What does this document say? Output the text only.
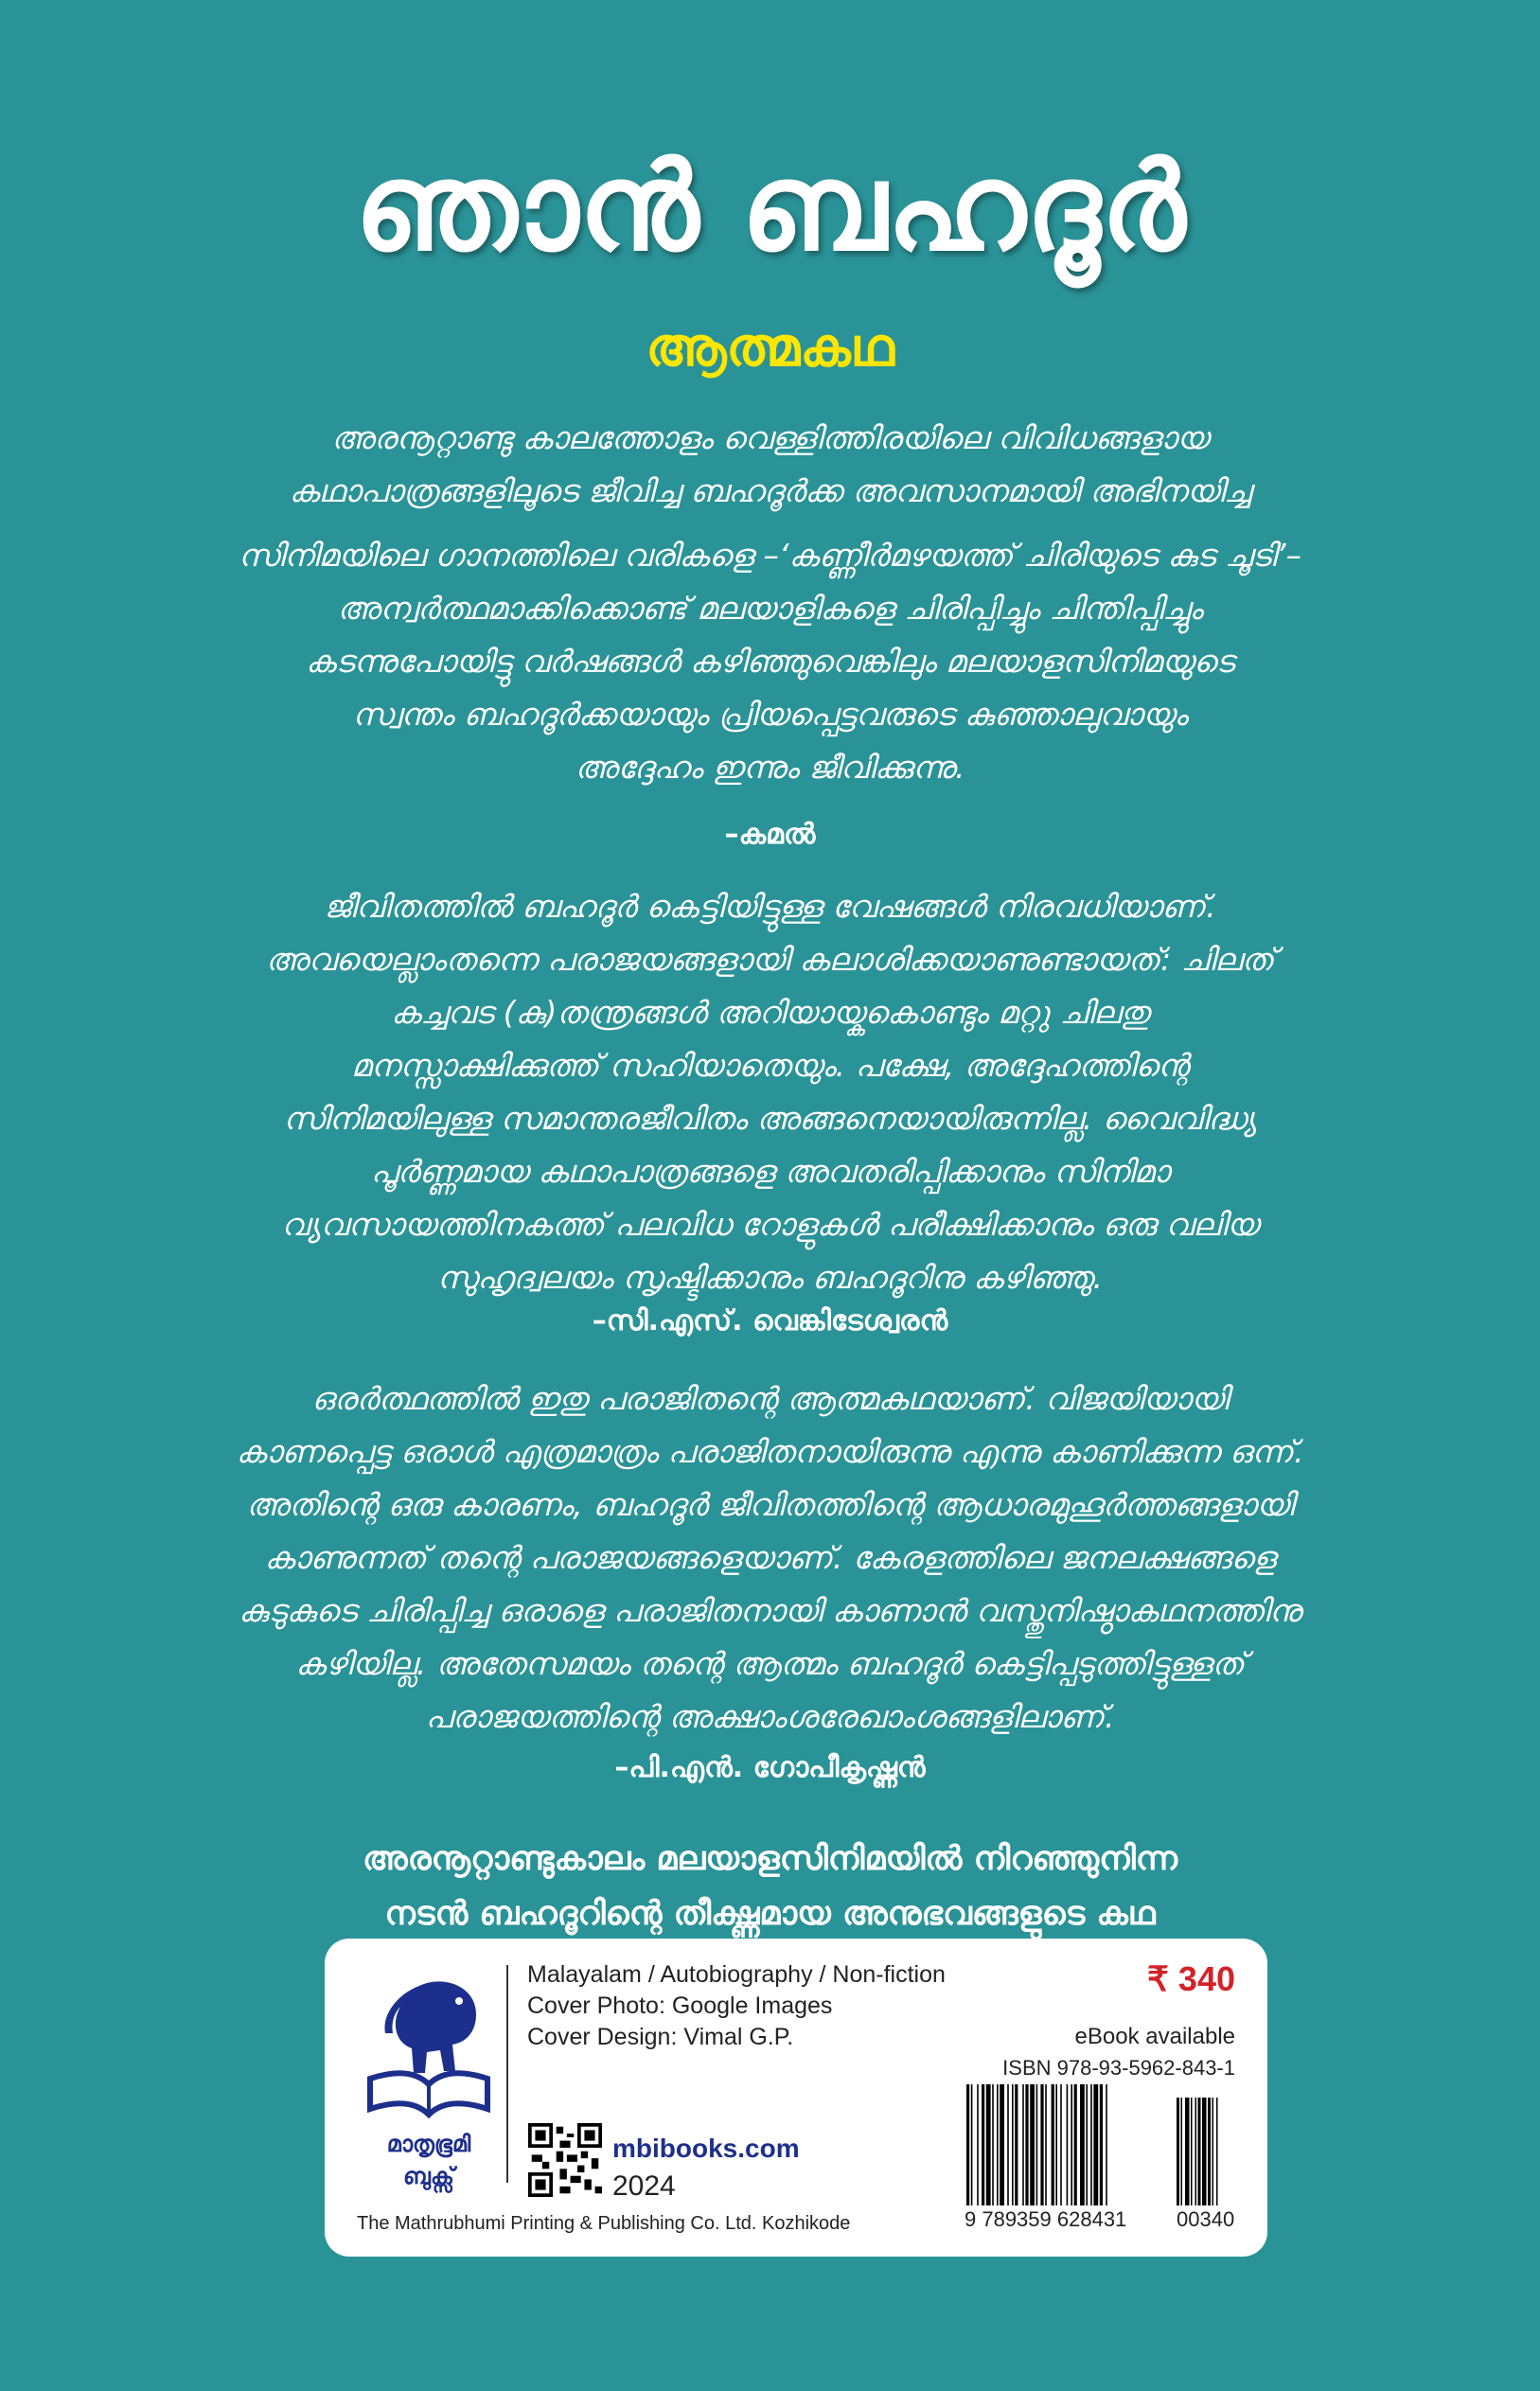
ഞാൻ ബഹദൂർ
ആത്മകഥ
അരനൂറ്റാണ്ടു കാലത്തോളം വെള്ളിത്തിരയിലെ വിവിധങ്ങളായ
കഥാപാത്രങ്ങളിലൂടെ ജീവിച്ച ബഹദൂർക്ക അവസാനമായി അഭിനയിച്ച
സിനിമയിലെ ഗാനത്തിലെ വരികളെ –‘കണ്ണീർമഴയത്ത് ചിരിയുടെ കുട ചൂടി’–
അന്വർത്ഥമാക്കിക്കൊണ്ട് മലയാളികളെ ചിരിപ്പിച്ചും ചിന്തിപ്പിച്ചും
കടന്നുപോയിട്ടു വർഷങ്ങൾ കഴിഞ്ഞുവെങ്കിലും മലയാളസിനിമയുടെ
സ്വന്തം ബഹദൂർക്കയായും പ്രിയപ്പെട്ടവരുടെ കുഞ്ഞാലുവായും
അദ്ദേഹം ഇന്നും ജീവിക്കുന്നു.
–കമൽ
ജീവിതത്തിൽ ബഹദൂർ കെട്ടിയിട്ടുള്ള വേഷങ്ങൾ നിരവധിയാണ്.
അവയെല്ലാംതന്നെ പരാജയങ്ങളായി കലാശിക്കയാണുണ്ടായത്: ചിലത്
കച്ചവട (കു)തന്ത്രങ്ങൾ അറിയായ്കകൊണ്ടും മറ്റു ചിലതു
മനസ്സാക്ഷിക്കുത്ത് സഹിയാതെയും. പക്ഷേ, അദ്ദേഹത്തിന്റെ
സിനിമയിലുള്ള സമാന്തരജീവിതം അങ്ങനെയായിരുന്നില്ല. വൈവിദ്ധ്യ
പൂർണ്ണമായ കഥാപാത്രങ്ങളെ അവതരിപ്പിക്കാനും സിനിമാ
വ്യവസായത്തിനകത്ത് പലവിധ റോളുകൾ പരീക്ഷിക്കാനും ഒരു വലിയ
സുഹൃദ്വലയം സൃഷ്ടിക്കാനും ബഹദൂറിനു കഴിഞ്ഞു.
–സി.എസ്. വെങ്കിടേശ്വരൻ
ഒരർത്ഥത്തിൽ ഇതു പരാജിതന്റെ ആത്മകഥയാണ്. വിജയിയായി
കാണപ്പെട്ട ഒരാൾ എത്രമാത്രം പരാജിതനായിരുന്നു എന്നു കാണിക്കുന്ന ഒന്ന്.
അതിന്റെ ഒരു കാരണം, ബഹദൂർ ജീവിതത്തിന്റെ ആധാരമുഹൂർത്തങ്ങളായി
കാണുന്നത് തന്റെ പരാജയങ്ങളെയാണ്. കേരളത്തിലെ ജനലക്ഷങ്ങളെ
കുടുകുടെ ചിരിപ്പിച്ച ഒരാളെ പരാജിതനായി കാണാൻ വസ്തുനിഷ്ഠാകഥനത്തിനു
കഴിയില്ല. അതേസമയം തന്റെ ആത്മം ബഹദൂർ കെട്ടിപ്പടുത്തിട്ടുള്ളത്
പരാജയത്തിന്റെ അക്ഷാംശരേഖാംശങ്ങളിലാണ്.
–പി.എൻ. ഗോപീകൃഷ്ണൻ
അരനൂറ്റാണ്ടുകാലം മലയാളസിനിമയിൽ നിറഞ്ഞുനിന്ന
നടൻ ബഹദൂറിന്റെ തീക്ഷ്ണമായ അനുഭവങ്ങളുടെ കഥ
മാതൃഭൂമി
ബുക്സ്
Malayalam / Autobiography / Non-fiction
Cover Photo: Google Images
Cover Design: Vimal G.P.
mbibooks.com
2024
The Mathrubhumi Printing & Publishing Co. Ltd. Kozhikode
₹ 340
eBook available
ISBN 978-93-5962-843-1
9 789359 628431 00340
